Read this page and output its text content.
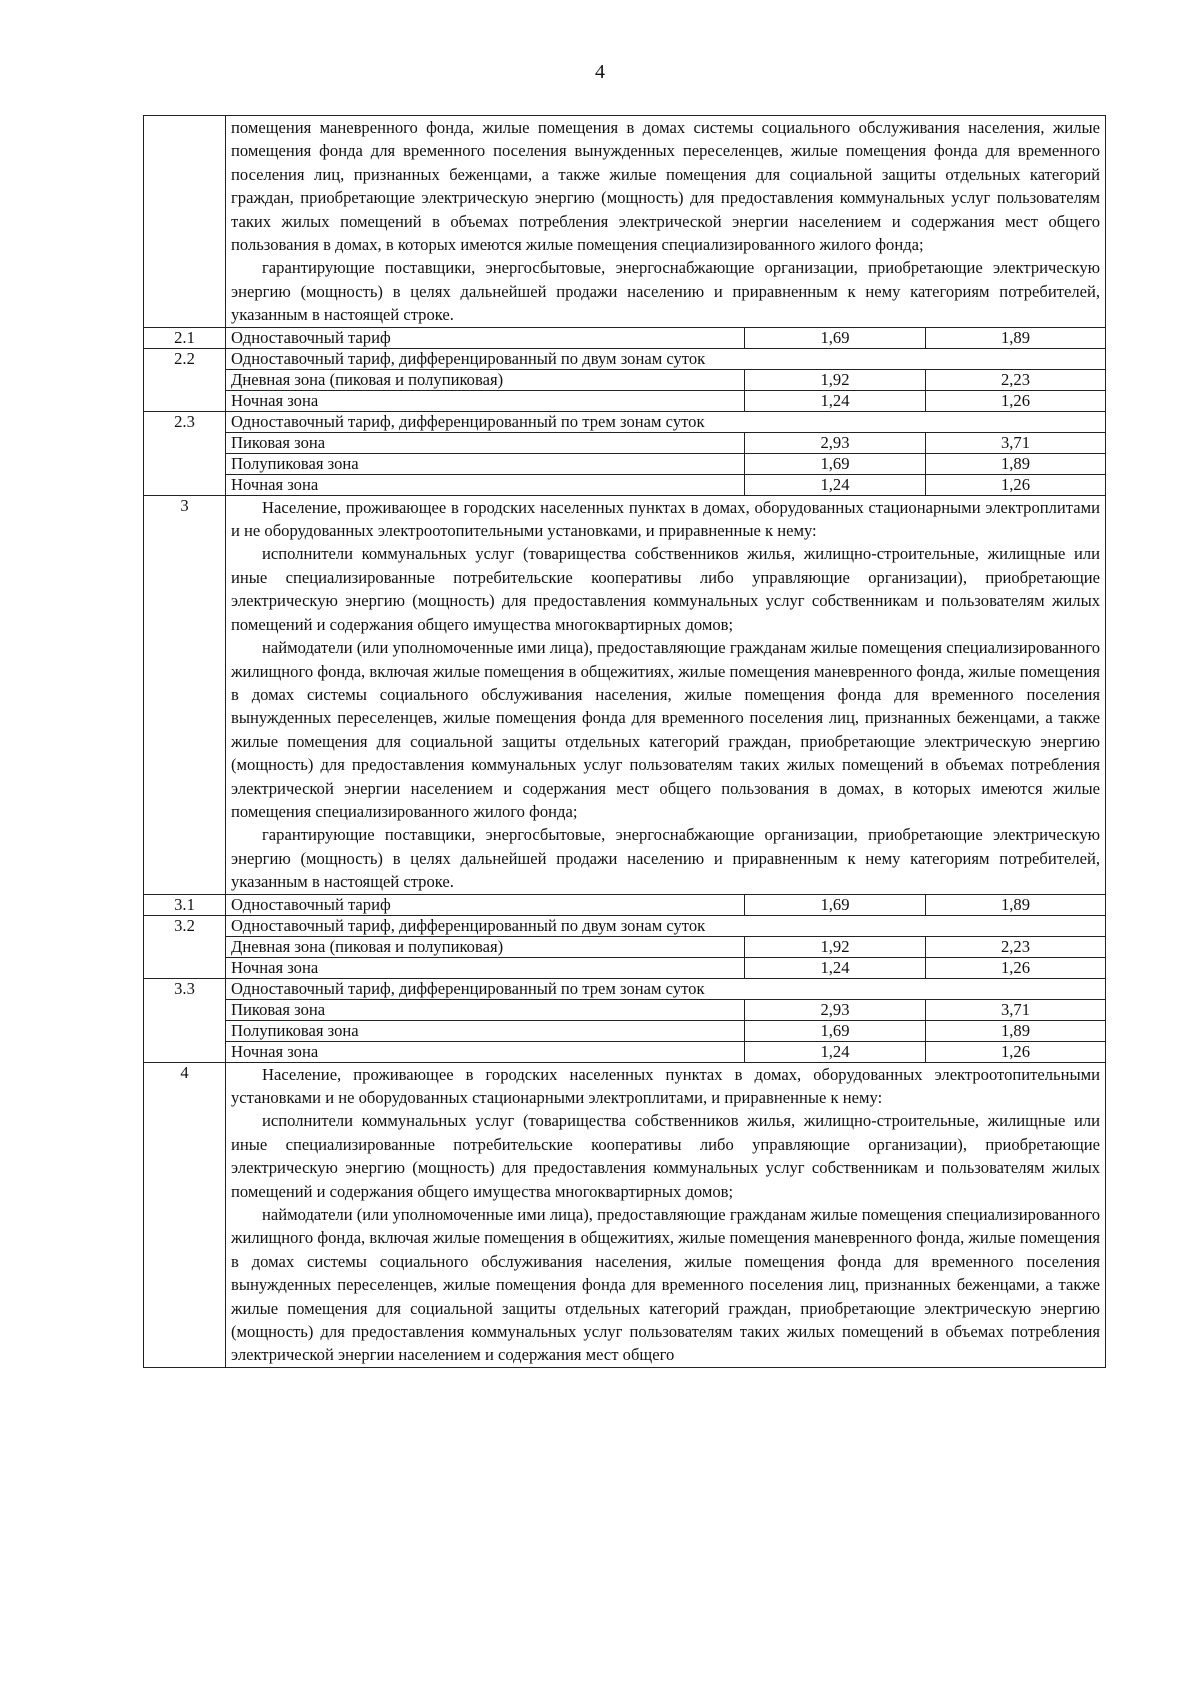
4

	помещения маневренного фонда, жилые помещения в домах системы социального обслуживания населения, жилые помещения фонда для временного поселения вынужденных переселенцев, жилые помещения фонда для временного поселения лиц, признанных беженцами, а также жилые помещения для социальной защиты отдельных категорий граждан, приобретающие электрическую энергию (мощность) для предоставления коммунальных услуг пользователям таких жилых помещений в объемах потребления электрической энергии населением и содержания мест общего пользования в домах, в которых имеются жилые помещения специализированного жилого фонда;

гарантирующие поставщики, энергосбытовые, энергоснабжающие организации, приобретающие электрическую энергию (мощность) в целях дальнейшей продажи населению и приравненным к нему категориям потребителей, указанным в настоящей строке.		

2.1	Одноставочный тариф	1,69	1,89
2.2	Одноставочный тариф, дифференцированный по двум зонам суток		
	Дневная зона (пиковая и полупиковая)	1,92	2,23
	Ночная зона	1,24	1,26
2.3	Одноставочный тариф, дифференцированный по трем зонам суток		
	Пиковая зона	2,93	3,71
	Полупиковая зона	1,69	1,89
	Ночная зона	1,24	1,26
3	Население, проживающее в городских населенных пунктах в домах, оборудованных стационарными электроплитами и не оборудованных электроотопительными установками, и приравненные к нему:

исполнители коммунальных услуг (товарищества собственников жилья, жилищно-строительные, жилищные или иные специализированные потребительские кооперативы либо управляющие организации), приобретающие электрическую энергию (мощность) для предоставления коммунальных услуг собственникам и пользователям жилых помещений и содержания общего имущества многоквартирных домов;

наймодатели (или уполномоченные ими лица), предоставляющие гражданам жилые помещения специализированного жилищного фонда, включая жилые помещения в общежитиях, жилые помещения маневренного фонда, жилые помещения в домах системы социального обслуживания населения, жилые помещения фонда для временного поселения вынужденных переселенцев, жилые помещения фонда для временного поселения лиц, признанных беженцами, а также жилые помещения для социальной защиты отдельных категорий граждан, приобретающие электрическую энергию (мощность) для предоставления коммунальных услуг пользователям таких жилых помещений в объемах потребления электрической энергии населением и содержания мест общего пользования в домах, в которых имеются жилые помещения специализированного жилого фонда;

гарантирующие поставщики, энергосбытовые, энергоснабжающие организации, приобретающие электрическую энергию (мощность) в целях дальнейшей продажи населению и приравненным к нему категориям потребителей, указанным в настоящей строке.		

3.1	Одноставочный тариф	1,69	1,89
3.2	Одноставочный тариф, дифференцированный по двум зонам суток		
	Дневная зона (пиковая и полупиковая)	1,92	2,23
	Ночная зона	1,24	1,26
3.3	Одноставочный тариф, дифференцированный по трем зонам суток		
	Пиковая зона	2,93	3,71
	Полупиковая зона	1,69	1,89
	Ночная зона	1,24	1,26
4	Население, проживающее в городских населенных пунктах в домах, оборудованных электроотопительными установками и не оборудованных стационарными электроплитами, и приравненные к нему:

исполнители коммунальных услуг (товарищества собственников жилья, жилищно-строительные, жилищные или иные специализированные потребительские кооперативы либо управляющие организации), приобретающие электрическую энергию (мощность) для предоставления коммунальных услуг собственникам и пользователям жилых помещений и содержания общего имущества многоквартирных домов;

наймодатели (или уполномоченные ими лица), предоставляющие гражданам жилые помещения специализированного жилищного фонда, включая жилые помещения в общежитиях, жилые помещения маневренного фонда, жилые помещения в домах системы социального обслуживания населения, жилые помещения фонда для временного поселения вынужденных переселенцев, жилые помещения фонда для временного поселения лиц, признанных беженцами, а также жилые помещения для социальной защиты отдельных категорий граждан, приобретающие электрическую энергию (мощность) для предоставления коммунальных услуг пользователям таких жилых помещений в объемах потребления электрической энергии населением и содержания мест общего		
